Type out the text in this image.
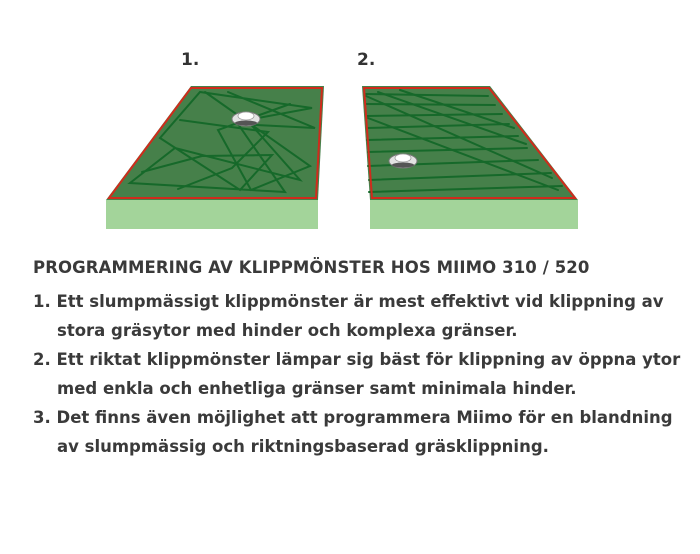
1.	2.

PROGRAMMERING AV KLIPPMÖNSTER HOS MIIMO 310 / 520

1. Ett slumpmässigt klippmönster är mest effektivt vid klippning av stora gräsytor med hinder och komplexa gränser.

2. Ett riktat klippmönster lämpar sig bäst för klippning av öppna ytor med enkla och enhetliga gränser samt minimala hinder.

3. Det finns även möjlighet att programmera Miimo för en blandning av slumpmässig och riktningsbaserad gräsklippning.
